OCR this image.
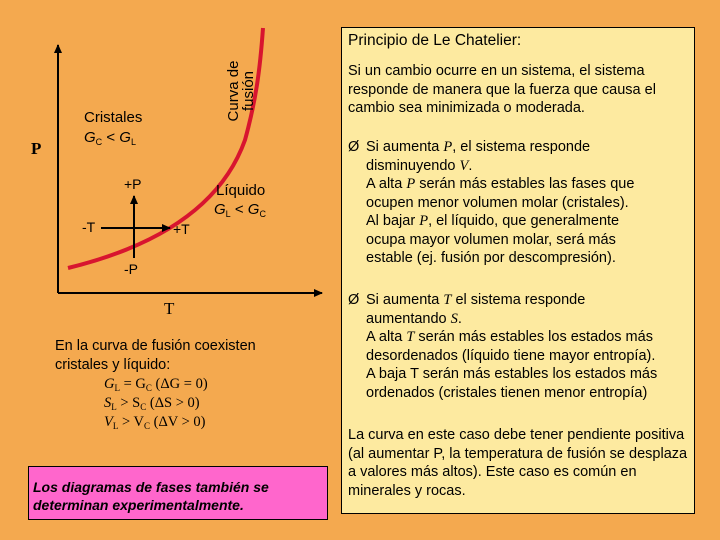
P
T
Curva de
fusión
Cristales
$G_C < G_L$
Líquido
$G_L < G_C$
+P
-P
+T
-T
En la curva de fusión coexisten
cristales y líquido:
$G_L = G_C$ (ΔG = 0)
$S_L > S_C$ (ΔS > 0)
$V_L > V_C$ (ΔV > 0)
Los diagramas de fases también se determinan experimentalmente.
Principio de Le Chatelier:
Si un cambio ocurre en un sistema, el sistema responde de manera que la fuerza que causa el cambio sea minimizada o moderada.
Ø Si aumenta P, el sistema responde
disminuyendo V.
A alta P serán más estables las fases que
ocupen menor volumen molar (cristales).
Al bajar P, el líquido, que generalmente
ocupa mayor volumen molar, será más
estable (ej. fusión por descompresión).
Ø Si aumenta T el sistema responde
aumentando S.
A alta T serán más estables los estados más
desordenados (líquido tiene mayor entropía).
A baja T serán más estables los estados más
ordenados (cristales tienen menor entropía)
La curva en este caso debe tener pendiente positiva (al aumentar P, la temperatura de fusión se desplaza a valores más altos). Este caso es común en minerales y rocas.
